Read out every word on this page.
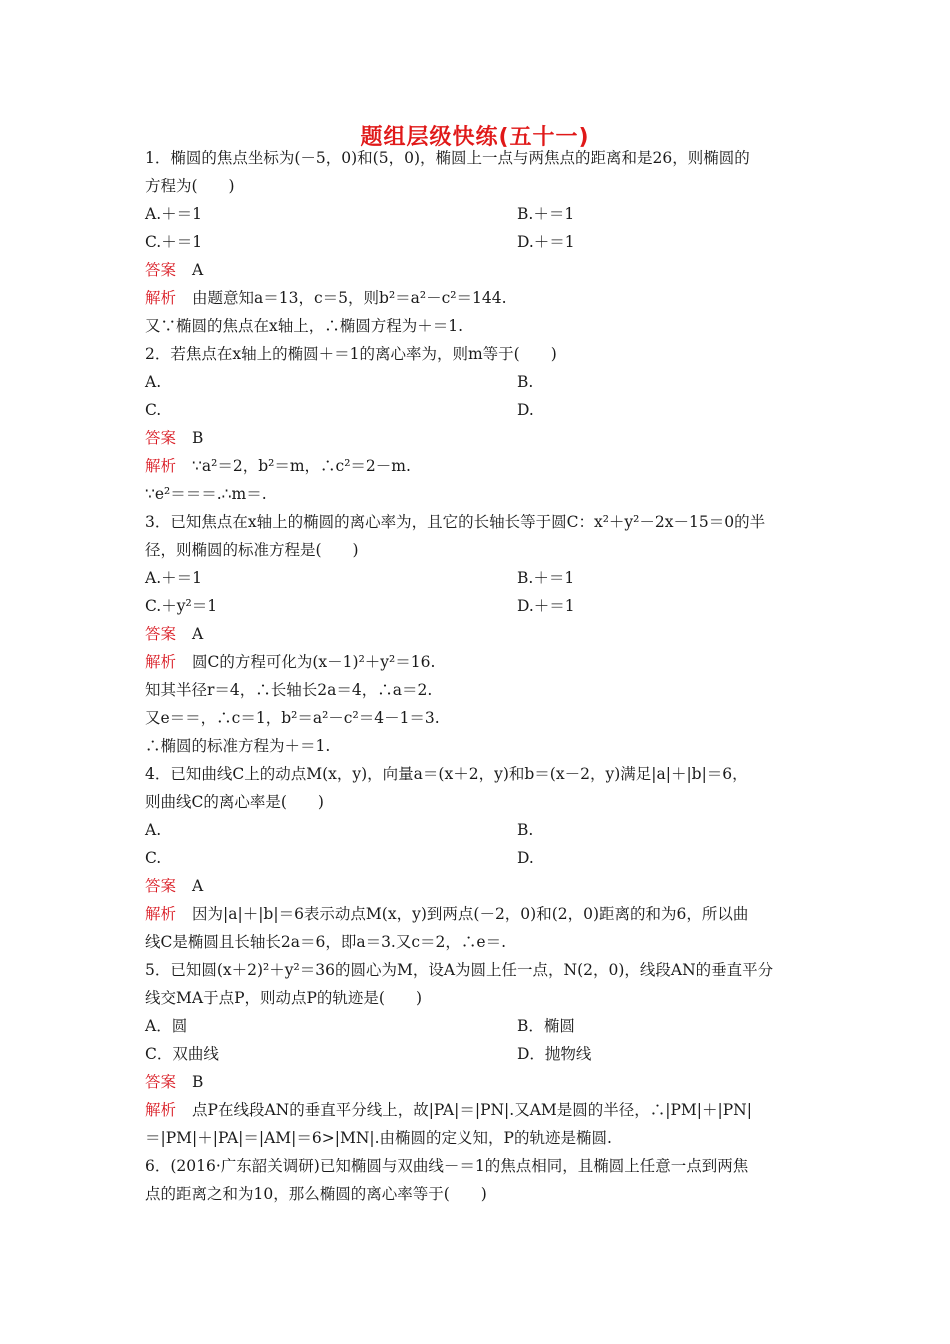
题组层级快练(五十一)
1．椭圆的焦点坐标为(－5，0)和(5，0)，椭圆上一点与两焦点的距离和是26，则椭圆的
方程为(　　)
A.＋＝1	B.＋＝1
C.＋＝1	D.＋＝1
答案 A
解析 由题意知a＝13，c＝5，则b²＝a²－c²＝144.
又∵椭圆的焦点在x轴上，∴椭圆方程为＋＝1.
2．若焦点在x轴上的椭圆＋＝1的离心率为，则m等于(　　)
A.	B.
C.	D.
答案 B
解析 ∵a²＝2，b²＝m，∴c²＝2－m.
∵e²＝＝＝.∴m＝.
3．已知焦点在x轴上的椭圆的离心率为，且它的长轴长等于圆C：x²＋y²－2x－15＝0的半
径，则椭圆的标准方程是(　　)
A.＋＝1	B.＋＝1
C.＋y²＝1	D.＋＝1
答案 A
解析 圆C的方程可化为(x－1)²＋y²＝16.
知其半径r＝4，∴长轴长2a＝4，∴a＝2.
又e＝＝，∴c＝1，b²＝a²－c²＝4－1＝3.
∴椭圆的标准方程为＋＝1.
4．已知曲线C上的动点M(x，y)，向量a＝(x＋2，y)和b＝(x－2，y)满足|a|＋|b|＝6，
则曲线C的离心率是(　　)
A.	B.
C.	D.
答案 A
解析 因为|a|＋|b|＝6表示动点M(x，y)到两点(－2，0)和(2，0)距离的和为6，所以曲
线C是椭圆且长轴长2a＝6，即a＝3.又c＝2，∴e＝.
5．已知圆(x＋2)²＋y²＝36的圆心为M，设A为圆上任一点，N(2，0)，线段AN的垂直平分
线交MA于点P，则动点P的轨迹是(　　)
A．圆	B．椭圆
C．双曲线	D．抛物线
答案 B
解析 点P在线段AN的垂直平分线上，故|PA|＝|PN|.又AM是圆的半径，∴|PM|＋|PN|
＝|PM|＋|PA|＝|AM|＝6>|MN|.由椭圆的定义知，P的轨迹是椭圆.
6．(2016·广东韶关调研)已知椭圆与双曲线－＝1的焦点相同，且椭圆上任意一点到两焦
点的距离之和为10，那么椭圆的离心率等于(　　)
